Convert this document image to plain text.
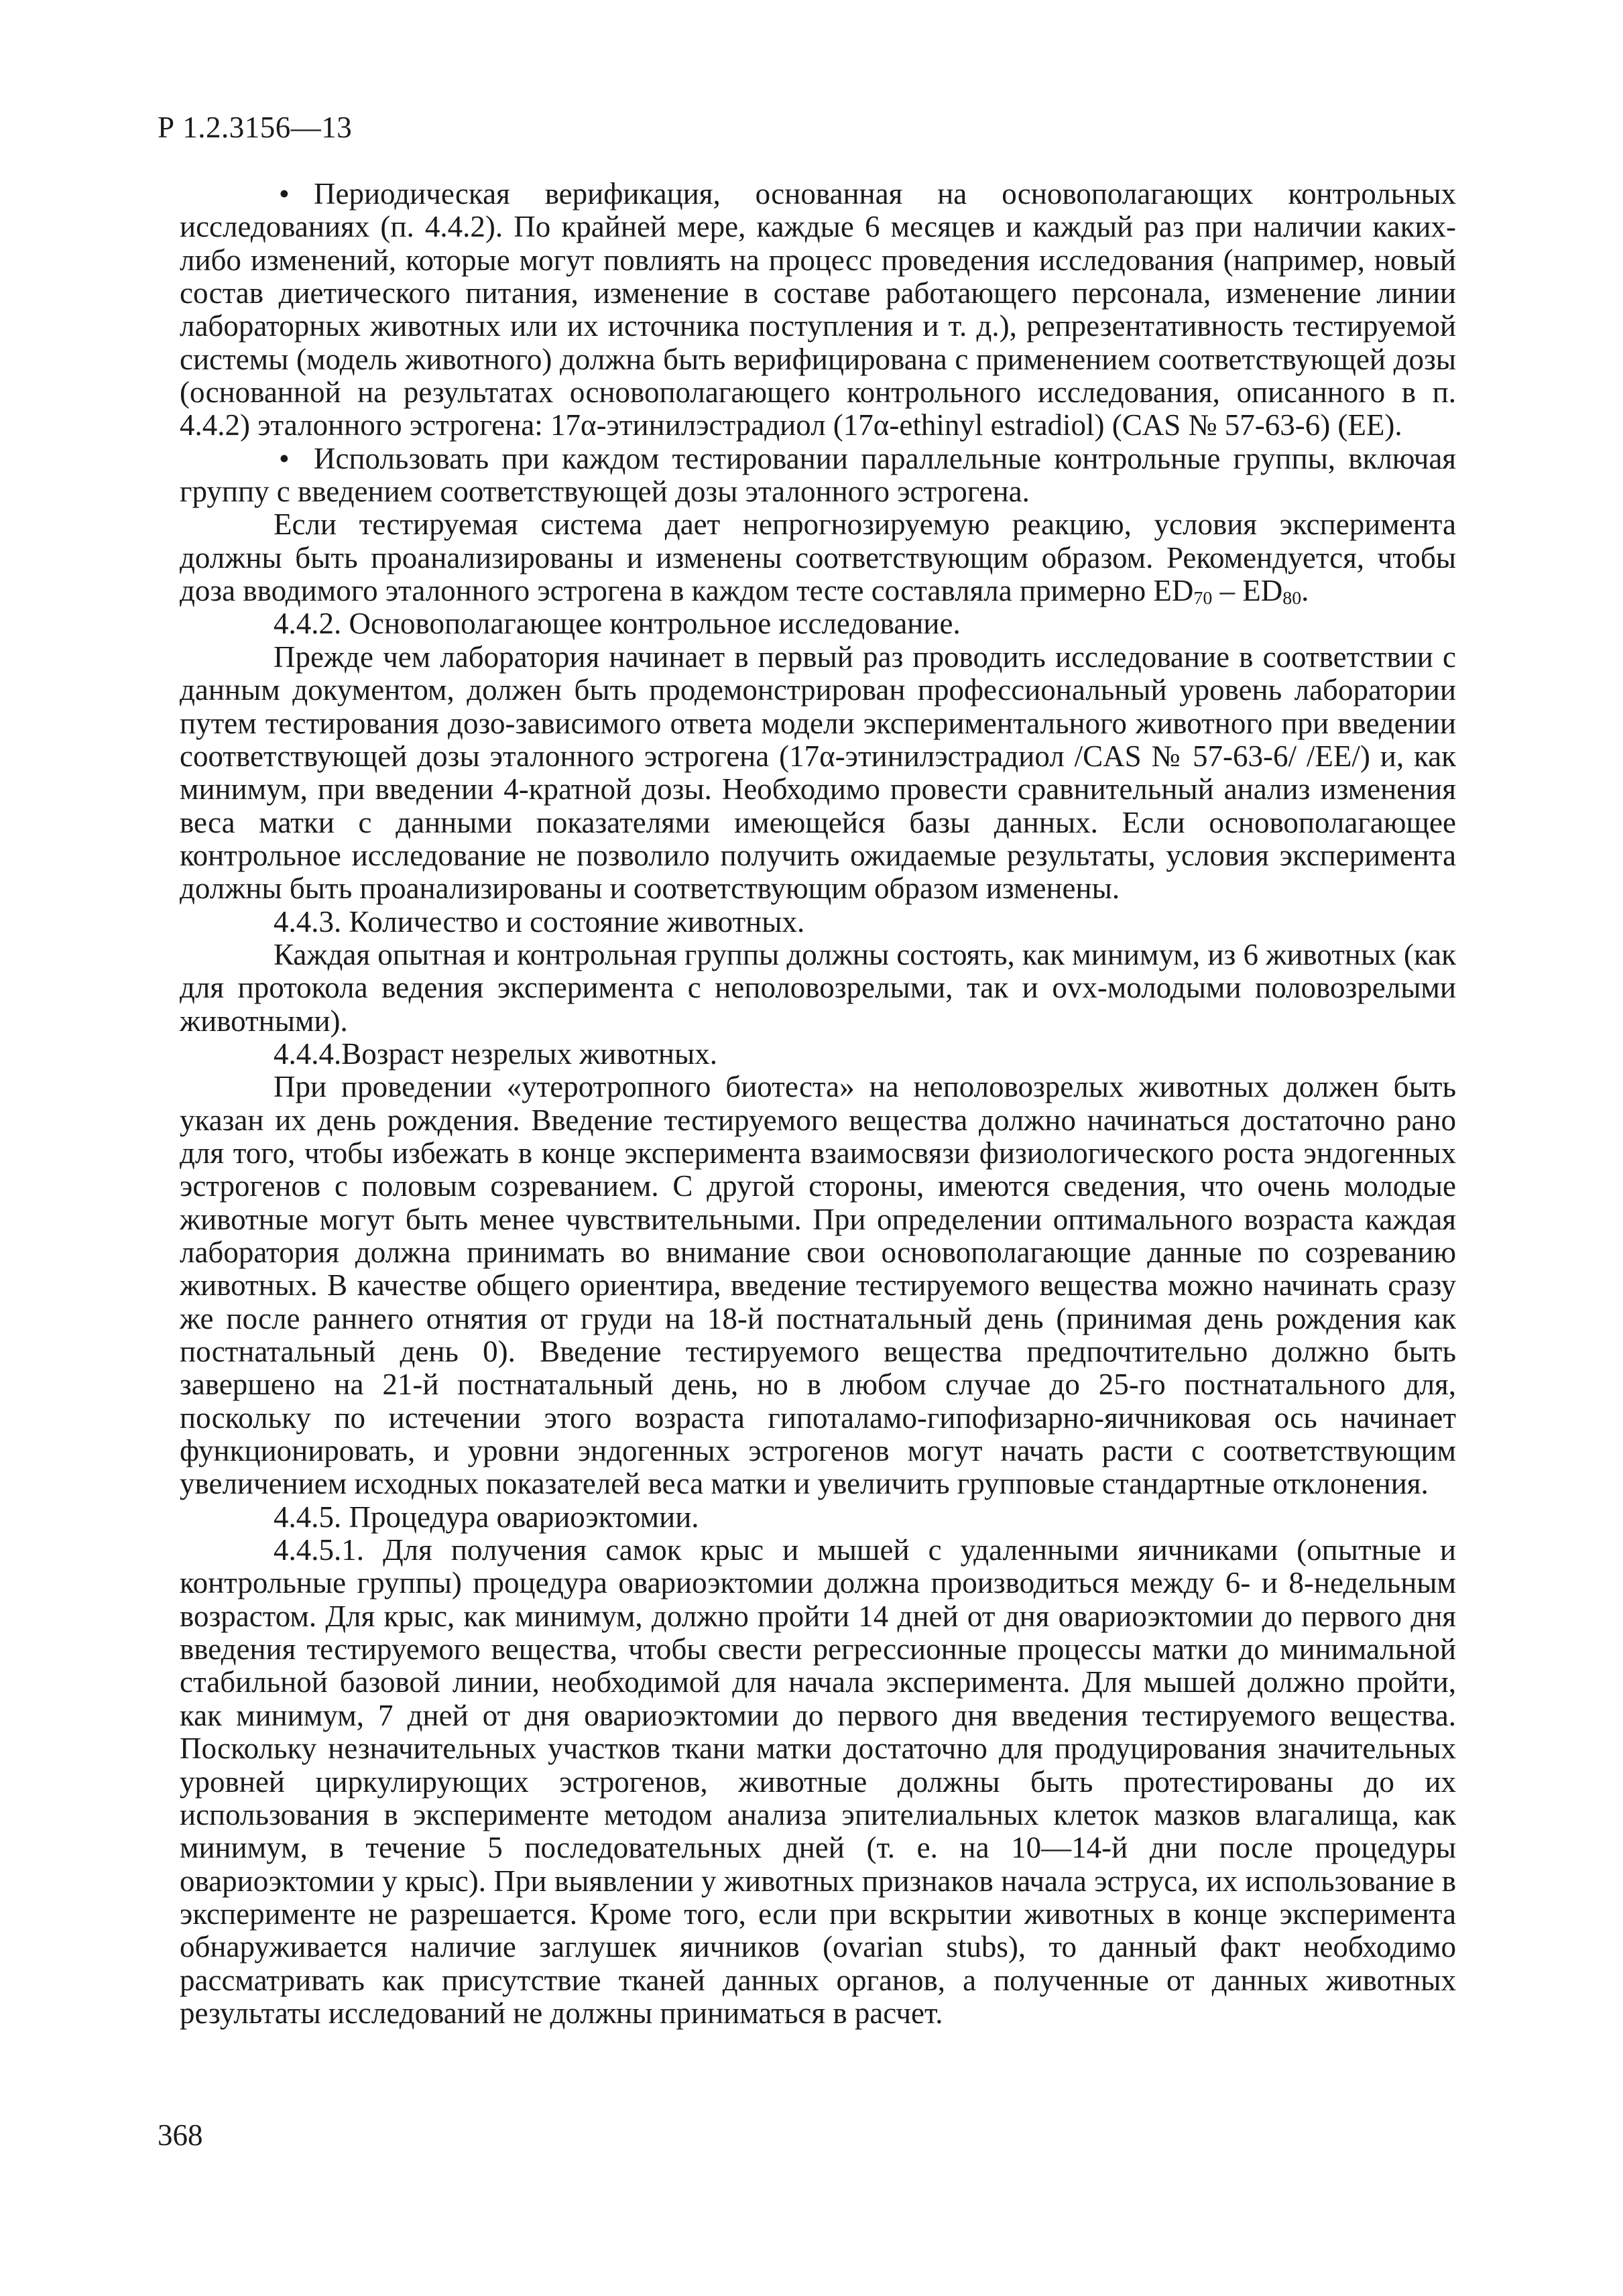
Р 1.2.3156—13

• Периодическая верификация, основанная на основополагающих контрольных исследованиях (п. 4.4.2). По крайней мере, каждые 6 месяцев и каждый раз при наличии каких-либо изменений, которые могут повлиять на процесс проведения исследования (например, новый состав диетического питания, изменение в составе работающего персонала, изменение линии лабораторных животных или их источника поступления и т. д.), репрезентативность тестируемой системы (модель животного) должна быть верифицирована с применением соответствующей дозы (основанной на результатах основополагающего контрольного исследования, описанного в п. 4.4.2) эталонного эстрогена: 17α-этинилэстрадиол (17α-ethinyl estradiol) (CAS № 57-63-6) (EE).

• Использовать при каждом тестировании параллельные контрольные группы, включая группу с введением соответствующей дозы эталонного эстрогена.

Если тестируемая система дает непрогнозируемую реакцию, условия эксперимента должны быть проанализированы и изменены соответствующим образом. Рекомендуется, чтобы доза вводимого эталонного эстрогена в каждом тесте составляла примерно $ED_{70} - ED_{80}$.

4.4.2. Основополагающее контрольное исследование.

Прежде чем лаборатория начинает в первый раз проводить исследование в соответствии с данным документом, должен быть продемонстрирован профессиональный уровень лаборатории путем тестирования дозо-зависимого ответа модели экспериментального животного при введении соответствующей дозы эталонного эстрогена (17α-этинилэстрадиол /CAS № 57-63-6/ /EE/) и, как минимум, при введении 4-кратной дозы. Необходимо провести сравнительный анализ изменения веса матки с данными показателями имеющейся базы данных. Если основополагающее контрольное исследование не позволило получить ожидаемые результаты, условия эксперимента должны быть проанализированы и соответствующим образом изменены.

4.4.3. Количество и состояние животных.

Каждая опытная и контрольная группы должны состоять, как минимум, из 6 животных (как для протокола ведения эксперимента с неполовозрелыми, так и ovx-молодыми половозрелыми животными).

4.4.4.Возраст незрелых животных.

При проведении «утеротропного биотеста» на неполовозрелых животных должен быть указан их день рождения. Введение тестируемого вещества должно начинаться достаточно рано для того, чтобы избежать в конце эксперимента взаимосвязи физиологического роста эндогенных эстрогенов с половым созреванием. С другой стороны, имеются сведения, что очень молодые животные могут быть менее чувствительными. При определении оптимального возраста каждая лаборатория должна принимать во внимание свои основополагающие данные по созреванию животных. В качестве общего ориентира, введение тестируемого вещества можно начинать сразу же после раннего отнятия от груди на 18-й постнатальный день (принимая день рождения как постнатальный день 0). Введение тестируемого вещества предпочтительно должно быть завершено на 21-й постнатальный день, но в любом случае до 25-го постнатального для, поскольку по истечении этого возраста гипоталамо-гипофизарно-яичниковая ось начинает функционировать, и уровни эндогенных эстрогенов могут начать расти с соответствующим увеличением исходных показателей веса матки и увеличить групповые стандартные отклонения.

4.4.5. Процедура овариоэктомии.

4.4.5.1. Для получения самок крыс и мышей с удаленными яичниками (опытные и контрольные группы) процедура овариоэктомии должна производиться между 6- и 8-недельным возрастом. Для крыс, как минимум, должно пройти 14 дней от дня овариоэктомии до первого дня введения тестируемого вещества, чтобы свести регрессионные процессы матки до минимальной стабильной базовой линии, необходимой для начала эксперимента. Для мышей должно пройти, как минимум, 7 дней от дня овариоэктомии до первого дня введения тестируемого вещества. Поскольку незначительных участков ткани матки достаточно для продуцирования значительных уровней циркулирующих эстрогенов, животные должны быть протестированы до их использования в эксперименте методом анализа эпителиальных клеток мазков влагалища, как минимум, в течение 5 последовательных дней (т. е. на 10—14-й дни после процедуры овариоэктомии у крыс). При выявлении у животных признаков начала эструса, их использование в эксперименте не разрешается. Кроме того, если при вскрытии животных в конце эксперимента обнаруживается наличие заглушек яичников (ovarian stubs), то данный факт необходимо рассматривать как присутствие тканей данных органов, а полученные от данных животных результаты исследований не должны приниматься в расчет.

368
